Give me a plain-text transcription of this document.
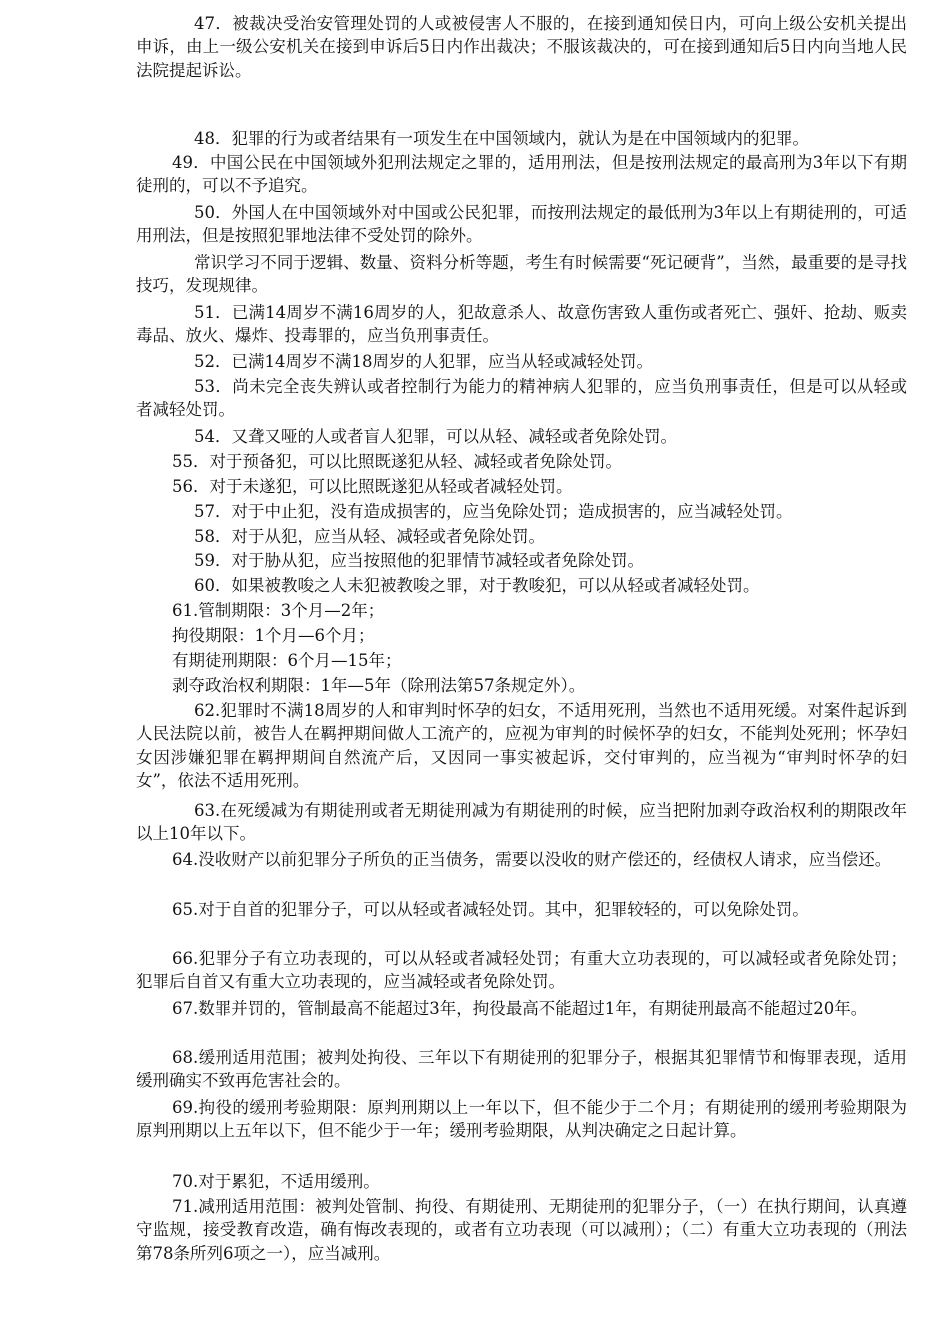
47．被裁决受治安管理处罚的人或被侵害人不服的，在接到通知侯日内，可向上级公安机关提出申诉，由上一级公安机关在接到申诉后5日内作出裁决；不服该裁决的，可在接到通知后5日内向当地人民法院提起诉讼。

48．犯罪的行为或者结果有一项发生在中国领域内，就认为是在中国领域内的犯罪。

49．中国公民在中国领域外犯刑法规定之罪的，适用刑法，但是按刑法规定的最高刑为3年以下有期徒刑的，可以不予追究。

50．外国人在中国领域外对中国或公民犯罪，而按刑法规定的最低刑为3年以上有期徒刑的，可适用刑法，但是按照犯罪地法律不受处罚的除外。

常识学习不同于逻辑、数量、资料分析等题，考生有时候需要“死记硬背”，当然，最重要的是寻找技巧，发现规律。

51．已满14周岁不满16周岁的人，犯故意杀人、故意伤害致人重伤或者死亡、强奸、抢劫、贩卖毒品、放火、爆炸、投毒罪的，应当负刑事责任。

52．已满14周岁不满18周岁的人犯罪，应当从轻或减轻处罚。

53．尚未完全丧失辨认或者控制行为能力的精神病人犯罪的，应当负刑事责任，但是可以从轻或者减轻处罚。

54．又聋又哑的人或者盲人犯罪，可以从轻、减轻或者免除处罚。

55．对于预备犯，可以比照既遂犯从轻、减轻或者免除处罚。

56．对于未遂犯，可以比照既遂犯从轻或者减轻处罚。

57．对于中止犯，没有造成损害的，应当免除处罚；造成损害的，应当减轻处罚。

58．对于从犯，应当从轻、减轻或者免除处罚。

59．对于胁从犯，应当按照他的犯罪情节减轻或者免除处罚。

60．如果被教唆之人未犯被教唆之罪，对于教唆犯，可以从轻或者减轻处罚。

61.管制期限：3个月—2年；

拘役期限：1个月—6个月；

有期徒刑期限：6个月—15年；

剥夺政治权利期限：1年—5年（除刑法第57条规定外）。

62.犯罪时不满18周岁的人和审判时怀孕的妇女，不适用死刑，当然也不适用死缓。对案件起诉到人民法院以前，被告人在羁押期间做人工流产的，应视为审判的时候怀孕的妇女，不能判处死刑；怀孕妇女因涉嫌犯罪在羁押期间自然流产后，又因同一事实被起诉，交付审判的，应当视为“审判时怀孕的妇女”，依法不适用死刑。

63.在死缓减为有期徒刑或者无期徒刑减为有期徒刑的时候，应当把附加剥夺政治权利的期限改年以上10年以下。

64.没收财产以前犯罪分子所负的正当债务，需要以没收的财产偿还的，经债权人请求，应当偿还。

65.对于自首的犯罪分子，可以从轻或者减轻处罚。其中，犯罪较轻的，可以免除处罚。

66.犯罪分子有立功表现的，可以从轻或者减轻处罚；有重大立功表现的，可以减轻或者免除处罚；犯罪后自首又有重大立功表现的，应当减轻或者免除处罚。

67.数罪并罚的，管制最高不能超过3年，拘役最高不能超过1年，有期徒刑最高不能超过20年。

68.缓刑适用范围；被判处拘役、三年以下有期徒刑的犯罪分子，根据其犯罪情节和悔罪表现，适用缓刑确实不致再危害社会的。

69.拘役的缓刑考验期限：原判刑期以上一年以下，但不能少于二个月；有期徒刑的缓刑考验期限为原判刑期以上五年以下，但不能少于一年；缓刑考验期限，从判决确定之日起计算。

70.对于累犯，不适用缓刑。

71.减刑适用范围：被判处管制、拘役、有期徒刑、无期徒刑的犯罪分子，（一）在执行期间，认真遵守监规，接受教育改造，确有悔改表现的，或者有立功表现（可以减刑）；（二）有重大立功表现的（刑法第78条所列6项之一），应当减刑。
